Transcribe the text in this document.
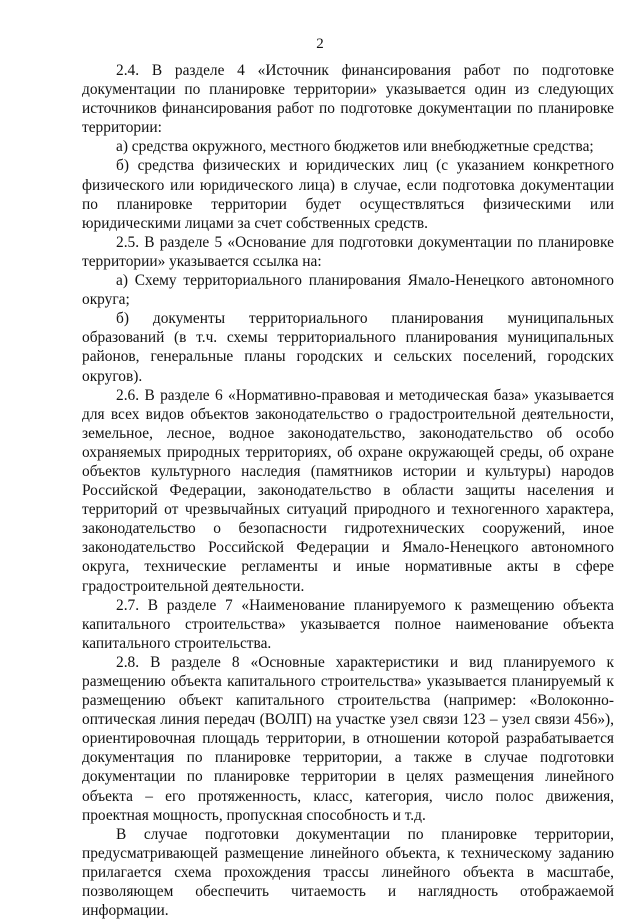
2

2.4. В разделе 4 «Источник финансирования работ по подготовке документации по планировке территории» указывается один из следующих источников финансирования работ по подготовке документации по планировке территории:

а) средства окружного, местного бюджетов или внебюджетные средства;

б) средства физических и юридических лиц (с указанием конкретного физического или юридического лица) в случае, если подготовка документации по планировке территории будет осуществляться физическими или юридическими лицами за счет собственных средств.

2.5. В разделе 5 «Основание для подготовки документации по планировке территории» указывается ссылка на:

а) Схему территориального планирования Ямало-Ненецкого автономного округа;

б) документы территориального планирования муниципальных образований (в т.ч. схемы территориального планирования муниципальных районов, генеральные планы городских и сельских поселений, городских округов).

2.6. В разделе 6 «Нормативно-правовая и методическая база» указывается для всех видов объектов законодательство о градостроительной деятельности, земельное, лесное, водное законодательство, законодательство об особо охраняемых природных территориях, об охране окружающей среды, об охране объектов культурного наследия (памятников истории и культуры) народов Российской Федерации, законодательство в области защиты населения и территорий от чрезвычайных ситуаций природного и техногенного характера, законодательство о безопасности гидротехнических сооружений, иное законодательство Российской Федерации и Ямало-Ненецкого автономного округа, технические регламенты и иные нормативные акты в сфере градостроительной деятельности.

2.7. В разделе 7 «Наименование планируемого к размещению объекта капитального строительства» указывается полное наименование объекта капитального строительства.

2.8. В разделе 8 «Основные характеристики и вид планируемого к размещению объекта капитального строительства» указывается планируемый к размещению объект капитального строительства (например: «Волоконно-оптическая линия передач (ВОЛП) на участке узел связи 123 – узел связи 456»), ориентировочная площадь территории, в отношении которой разрабатывается документация по планировке территории, а также в случае подготовки документации по планировке территории в целях размещения линейного объекта – его протяженность, класс, категория, число полос движения, проектная мощность, пропускная способность и т.д.

В случае подготовки документации по планировке территории, предусматривающей размещение линейного объекта, к техническому заданию прилагается схема прохождения трассы линейного объекта в масштабе, позволяющем обеспечить читаемость и наглядность отображаемой информации.
